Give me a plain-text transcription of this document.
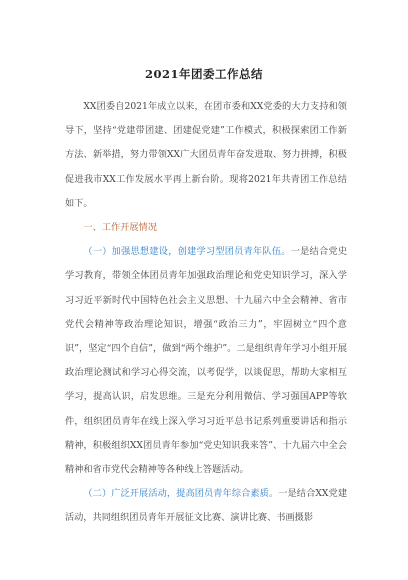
2021年团委工作总结

XX团委自2021年成立以来，在团市委和XX党委的大力支持和领导下，坚持“党建带团建、团建促党建”工作模式，积极探索团工作新方法、新举措，努力带领XX广大团员青年奋发进取、努力拼搏，积极促进我市XX工作发展水平再上新台阶。现将2021年共青团工作总结如下。

一、工作开展情况

（一）加强思想建设，创建学习型团员青年队伍。一是结合党史学习教育，带领全体团员青年加强政治理论和党史知识学习，深入学习习近平新时代中国特色社会主义思想、十九届六中全会精神、省市党代会精神等政治理论知识，增强“政治三力”，牢固树立“四个意识”，坚定“四个自信”，做到“两个维护”。二是组织青年学习小组开展政治理论测试和学习心得交流，以考促学，以谈促思，帮助大家相互学习，提高认识，启发思维。三是充分利用微信、学习强国APP等软件，组织团员青年在线上深入学习习近平总书记系列重要讲话和指示精神，积极组织XX团员青年参加“党史知识我来答”、十九届六中全会精神和省市党代会精神等各种线上答题活动。

（二）广泛开展活动，提高团员青年综合素质。一是结合XX党建活动，共同组织团员青年开展征文比赛、演讲比赛、书画摄影
